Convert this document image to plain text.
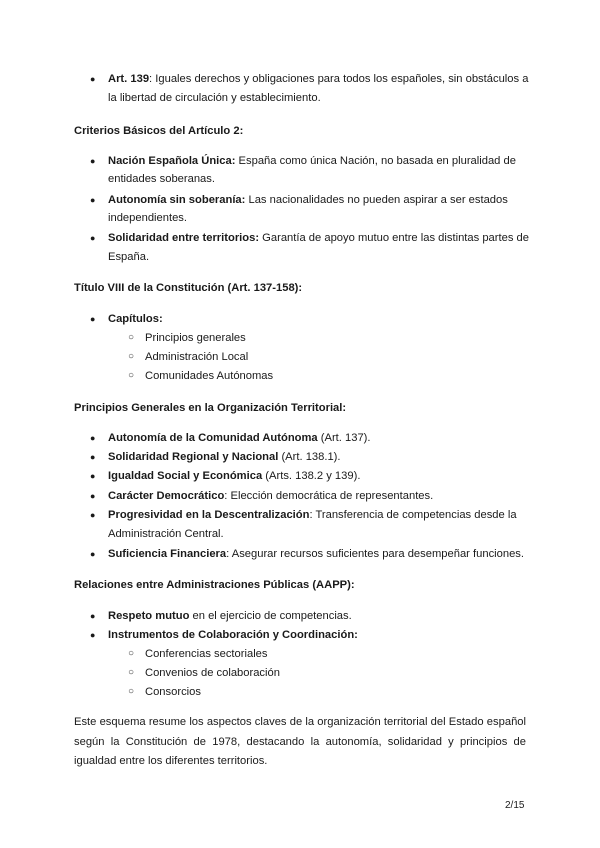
● Art. 139: Iguales derechos y obligaciones para todos los españoles, sin obstáculos a
la libertad de circulación y establecimiento.
Criterios Básicos del Artículo 2:
● Nación Española Única: España como única Nación, no basada en pluralidad de
entidades soberanas.
● Autonomía sin soberanía: Las nacionalidades no pueden aspirar a ser estados
independientes.
● Solidaridad entre territorios: Garantía de apoyo mutuo entre las distintas partes de
España.
Título VIII de la Constitución (Art. 137-158):
● Capítulos:
○ Principios generales
○ Administración Local
○ Comunidades Autónomas
Principios Generales en la Organización Territorial:
● Autonomía de la Comunidad Autónoma (Art. 137).
● Solidaridad Regional y Nacional (Art. 138.1).
● Igualdad Social y Económica (Arts. 138.2 y 139).
● Carácter Democrático: Elección democrática de representantes.
● Progresividad en la Descentralización: Transferencia de competencias desde la
Administración Central.
● Suficiencia Financiera: Asegurar recursos suficientes para desempeñar funciones.
Relaciones entre Administraciones Públicas (AAPP):
● Respeto mutuo en el ejercicio de competencias.
● Instrumentos de Colaboración y Coordinación:
○ Conferencias sectoriales
○ Convenios de colaboración
○ Consorcios
Este esquema resume los aspectos claves de la organización territorial del Estado español según la Constitución de 1978, destacando la autonomía, solidaridad y principios de igualdad entre los diferentes territorios.
2/15
